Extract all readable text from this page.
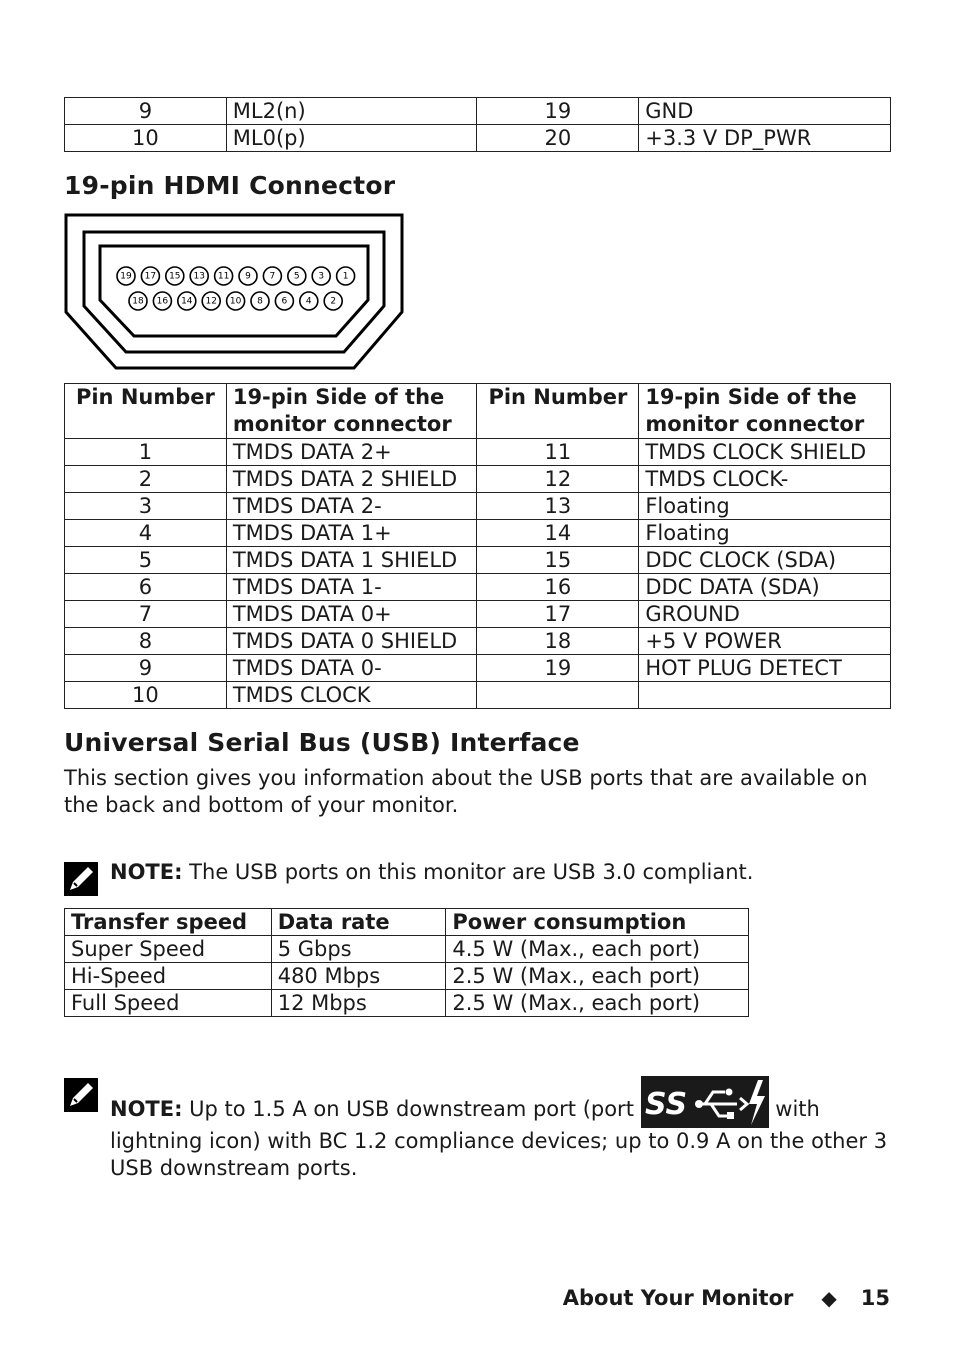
9	ML2(n)	19	GND
10	ML0(p)	20	+3.3 V DP_PWR
19-pin HDMI Connector
19 17 15 13 11 9 7 5 3 1
18 16 14 12 10 8 6 4 2
Pin Number	19-pin Side of the monitor connector	Pin Number	19-pin Side of the monitor connector
1	TMDS DATA 2+	11	TMDS CLOCK SHIELD
2	TMDS DATA 2 SHIELD	12	TMDS CLOCK-
3	TMDS DATA 2-	13	Floating
4	TMDS DATA 1+	14	Floating
5	TMDS DATA 1 SHIELD	15	DDC CLOCK (SDA)
6	TMDS DATA 1-	16	DDC DATA (SDA)
7	TMDS DATA 0+	17	GROUND
8	TMDS DATA 0 SHIELD	18	+5 V POWER
9	TMDS DATA 0-	19	HOT PLUG DETECT
10	TMDS CLOCK		
Universal Serial Bus (USB) Interface

This section gives you information about the USB ports that are available on the back and bottom of your monitor.

NOTE: The USB ports on this monitor are USB 3.0 compliant.

Transfer speed	Data rate	Power consumption
Super Speed	5 Gbps	4.5 W (Max., each port)
Hi-Speed	480 Mbps	2.5 W (Max., each port)
Full Speed	12 Mbps	2.5 W (Max., each port)

NOTE: Up to 1.5 A on USB downstream port (port SS	with lightning icon) with BC 1.2 compliance devices; up to 0.9 A on the other 3 USB downstream ports.

About Your Monitor ◆ 15
